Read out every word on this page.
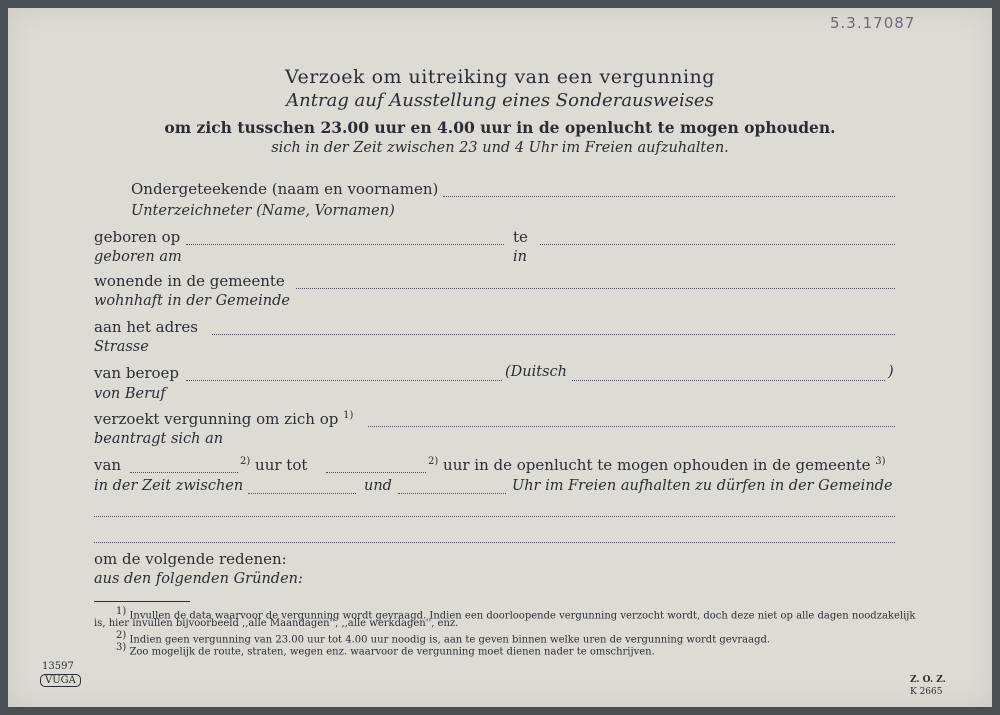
5.3.17087
Verzoek om uitreiking van een vergunning
Antrag auf Ausstellung eines Sonderausweises
om zich tusschen 23.00 uur en 4.00 uur in de openlucht te mogen ophouden.
sich in der Zeit zwischen 23 und 4 Uhr im Freien aufzuhalten.
Ondergeteekende (naam en voornamen)
Unterzeichneter (Name, Vornamen)
geboren op	te
geboren am	in
wonende in de gemeente
wohnhaft in der Gemeinde
aan het adres
Strasse
van beroep	(Duitsch	)
von Beruf
verzoekt vergunning om zich op $^{1)}$
beantragt sich an
van	$^{2)}$ uur tot	$^{2)}$ uur in de openlucht te mogen ophouden in de gemeente $^{3)}$
in der Zeit zwischen	und	Uhr im Freien aufhalten zu dürfen in der Gemeinde
om de volgende redenen:
aus den folgenden Gründen:
$^{1)}$ Invullen de data waarvoor de vergunning wordt gevraagd. Indien een doorloopende vergunning verzocht wordt, doch deze niet op alle dagen noodzakelijk
is, hier invullen bijvoorbeeld ,,alle Maandagen'', ,,alle werkdagen'', enz.
$^{2)}$ Indien geen vergunning van 23.00 uur tot 4.00 uur noodig is, aan te geven binnen welke uren de vergunning wordt gevraagd.
$^{3)}$ Zoo mogelijk de route, straten, wegen enz. waarvoor de vergunning moet dienen nader te omschrijven.
13597
VUGA	Z. O. Z.
K 2665
